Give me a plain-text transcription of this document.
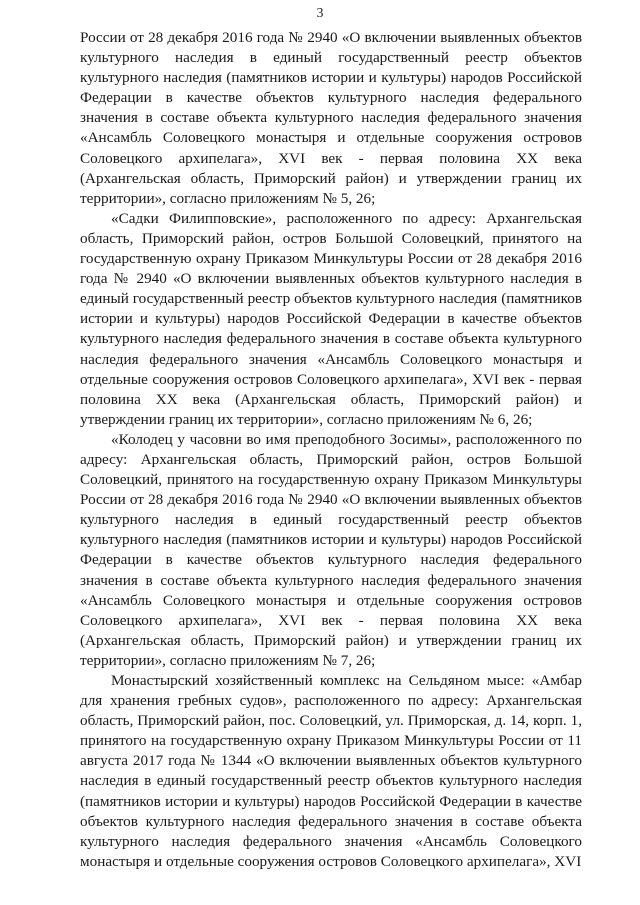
3

России от 28 декабря 2016 года № 2940 «О включении выявленных объектов культурного наследия в единый государственный реестр объектов культурного наследия (памятников истории и культуры) народов Российской Федерации в качестве объектов культурного наследия федерального значения в составе объекта культурного наследия федерального значения «Ансамбль Соловецкого монастыря и отдельные сооружения островов Соловецкого архипелага», XVI век - первая половина XX века (Архангельская область, Приморский район) и утверждении границ их территории», согласно приложениям № 5, 26;

«Садки Филипповские», расположенного по адресу: Архангельская область, Приморский район, остров Большой Соловецкий, принятого на государственную охрану Приказом Минкультуры России от 28 декабря 2016 года № 2940 «О включении выявленных объектов культурного наследия в единый государственный реестр объектов культурного наследия (памятников истории и культуры) народов Российской Федерации в качестве объектов культурного наследия федерального значения в составе объекта культурного наследия федерального значения «Ансамбль Соловецкого монастыря и отдельные сооружения островов Соловецкого архипелага», XVI век - первая половина XX века (Архангельская область, Приморский район) и утверждении границ их территории», согласно приложениям № 6, 26;

«Колодец у часовни во имя преподобного Зосимы», расположенного по адресу: Архангельская область, Приморский район, остров Большой Соловецкий, принятого на государственную охрану Приказом Минкультуры России от 28 декабря 2016 года № 2940 «О включении выявленных объектов культурного наследия в единый государственный реестр объектов культурного наследия (памятников истории и культуры) народов Российской Федерации в качестве объектов культурного наследия федерального значения в составе объекта культурного наследия федерального значения «Ансамбль Соловецкого монастыря и отдельные сооружения островов Соловецкого архипелага», XVI век - первая половина XX века (Архангельская область, Приморский район) и утверждении границ их территории», согласно приложениям № 7, 26;

Монастырский хозяйственный комплекс на Сельдяном мысе: «Амбар для хранения гребных судов», расположенного по адресу: Архангельская область, Приморский район, пос. Соловецкий, ул. Приморская, д. 14, корп. 1, принятого на государственную охрану Приказом Минкультуры России от 11 августа 2017 года № 1344 «О включении выявленных объектов культурного наследия в единый государственный реестр объектов культурного наследия (памятников истории и культуры) народов Российской Федерации в качестве объектов культурного наследия федерального значения в составе объекта культурного наследия федерального значения «Ансамбль Соловецкого монастыря и отдельные сооружения островов Соловецкого архипелага», XVI
